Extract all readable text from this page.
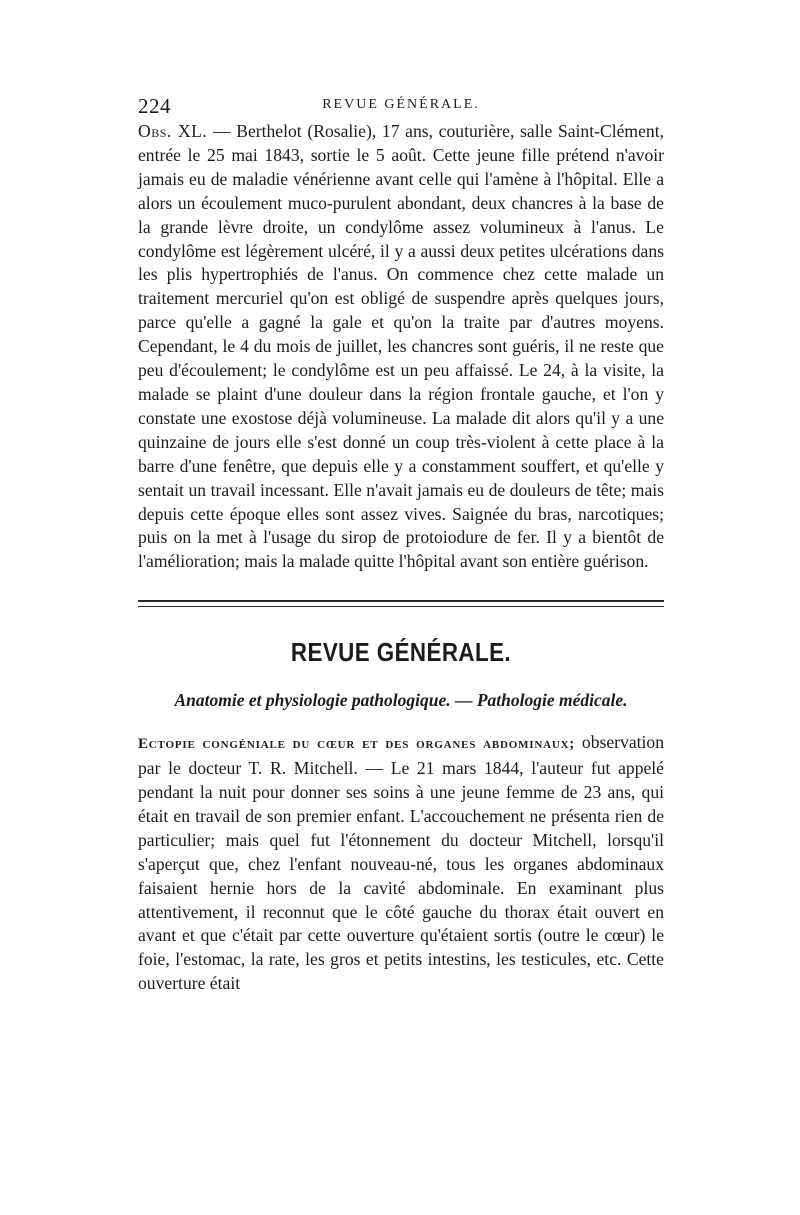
224	REVUE GÉNÉRALE.

Obs. XL. — Berthelot (Rosalie), 17 ans, couturière, salle Saint-Clément, entrée le 25 mai 1843, sortie le 5 août. Cette jeune fille prétend n'avoir jamais eu de maladie vénérienne avant celle qui l'amène à l'hôpital. Elle a alors un écoulement muco-purulent abondant, deux chancres à la base de la grande lèvre droite, un condylôme assez volumineux à l'anus. Le condylôme est légèrement ulcéré, il y a aussi deux petites ulcérations dans les plis hypertrophiés de l'anus. On commence chez cette malade un traitement mercuriel qu'on est obligé de suspendre après quelques jours, parce qu'elle a gagné la gale et qu'on la traite par d'autres moyens. Cependant, le 4 du mois de juillet, les chancres sont guéris, il ne reste que peu d'écoulement; le condylôme est un peu affaissé. Le 24, à la visite, la malade se plaint d'une douleur dans la région frontale gauche, et l'on y constate une exostose déjà volumineuse. La malade dit alors qu'il y a une quinzaine de jours elle s'est donné un coup très-violent à cette place à la barre d'une fenêtre, que depuis elle y a constamment souffert, et qu'elle y sentait un travail incessant. Elle n'avait jamais eu de douleurs de tête; mais depuis cette époque elles sont assez vives. Saignée du bras, narcotiques; puis on la met à l'usage du sirop de protoiodure de fer. Il y a bientôt de l'amélioration; mais la malade quitte l'hôpital avant son entière guérison.

REVUE GÉNÉRALE.

Anatomie et physiologie pathologique. — Pathologie médicale.

Ectopie congéniale du cœur et des organes abdominaux; observation par le docteur T. R. Mitchell. — Le 21 mars 1844, l'auteur fut appelé pendant la nuit pour donner ses soins à une jeune femme de 23 ans, qui était en travail de son premier enfant. L'accouchement ne présenta rien de particulier; mais quel fut l'étonnement du docteur Mitchell, lorsqu'il s'aperçut que, chez l'enfant nouveau-né, tous les organes abdominaux faisaient hernie hors de la cavité abdominale. En examinant plus attentivement, il reconnut que le côté gauche du thorax était ouvert en avant et que c'était par cette ouverture qu'étaient sortis (outre le cœur) le foie, l'estomac, la rate, les gros et petits intestins, les testicules, etc. Cette ouverture était
